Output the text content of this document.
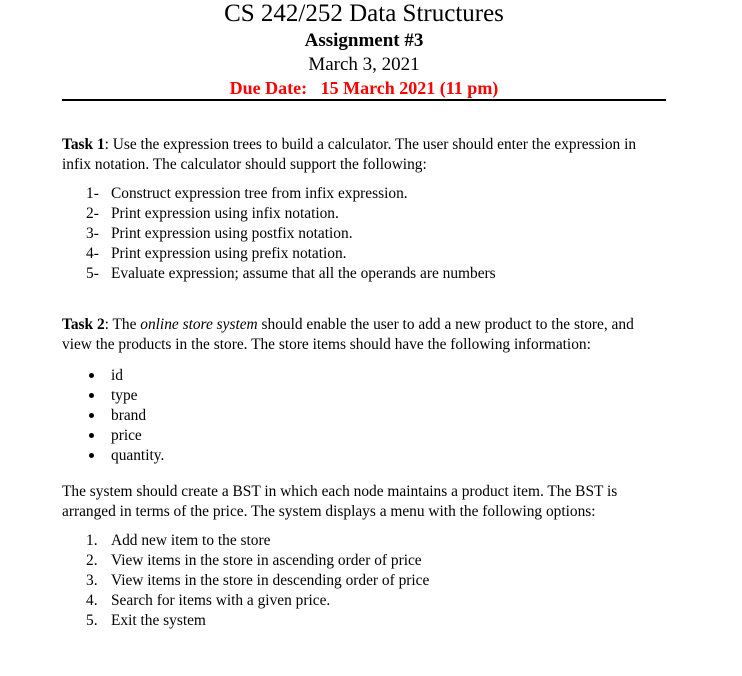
CS 242/252 Data Structures
Assignment #3
March 3, 2021
Due Date:   15 March 2021 (11 pm)
Task 1: Use the expression trees to build a calculator. The user should enter the expression in
infix notation. The calculator should support the following:
1- Construct expression tree from infix expression.
2- Print expression using infix notation.
3- Print expression using postfix notation.
4- Print expression using prefix notation.
5- Evaluate expression; assume that all the operands are numbers
Task 2: The online store system should enable the user to add a new product to the store, and
view the products in the store. The store items should have the following information:
id
type
brand
price
quantity.
The system should create a BST in which each node maintains a product item. The BST is
arranged in terms of the price. The system displays a menu with the following options:
1. Add new item to the store
2. View items in the store in ascending order of price
3. View items in the store in descending order of price
4. Search for items with a given price.
5. Exit the system
